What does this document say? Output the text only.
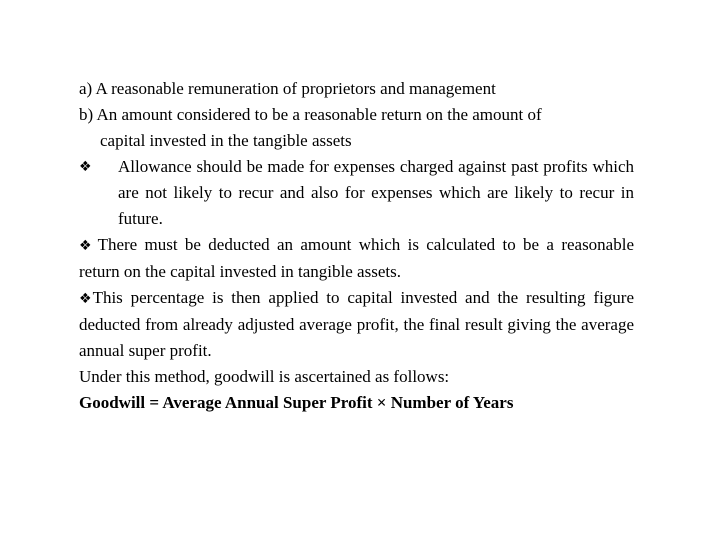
a) A reasonable remuneration of proprietors and management
b) An amount considered to be a reasonable return on the amount of
capital invested in the tangible assets
❖	Allowance should be made for expenses charged against past profits which are not likely to recur and also for expenses which are likely to recur in future.
❖ There must be deducted an amount which is calculated to be a reasonable return on the capital invested in tangible assets.
❖This percentage is then applied to capital invested and the resulting figure deducted from already adjusted average profit, the final result giving the average annual super profit.
Under this method, goodwill is ascertained as follows:
Goodwill = Average Annual Super Profit × Number of Years
